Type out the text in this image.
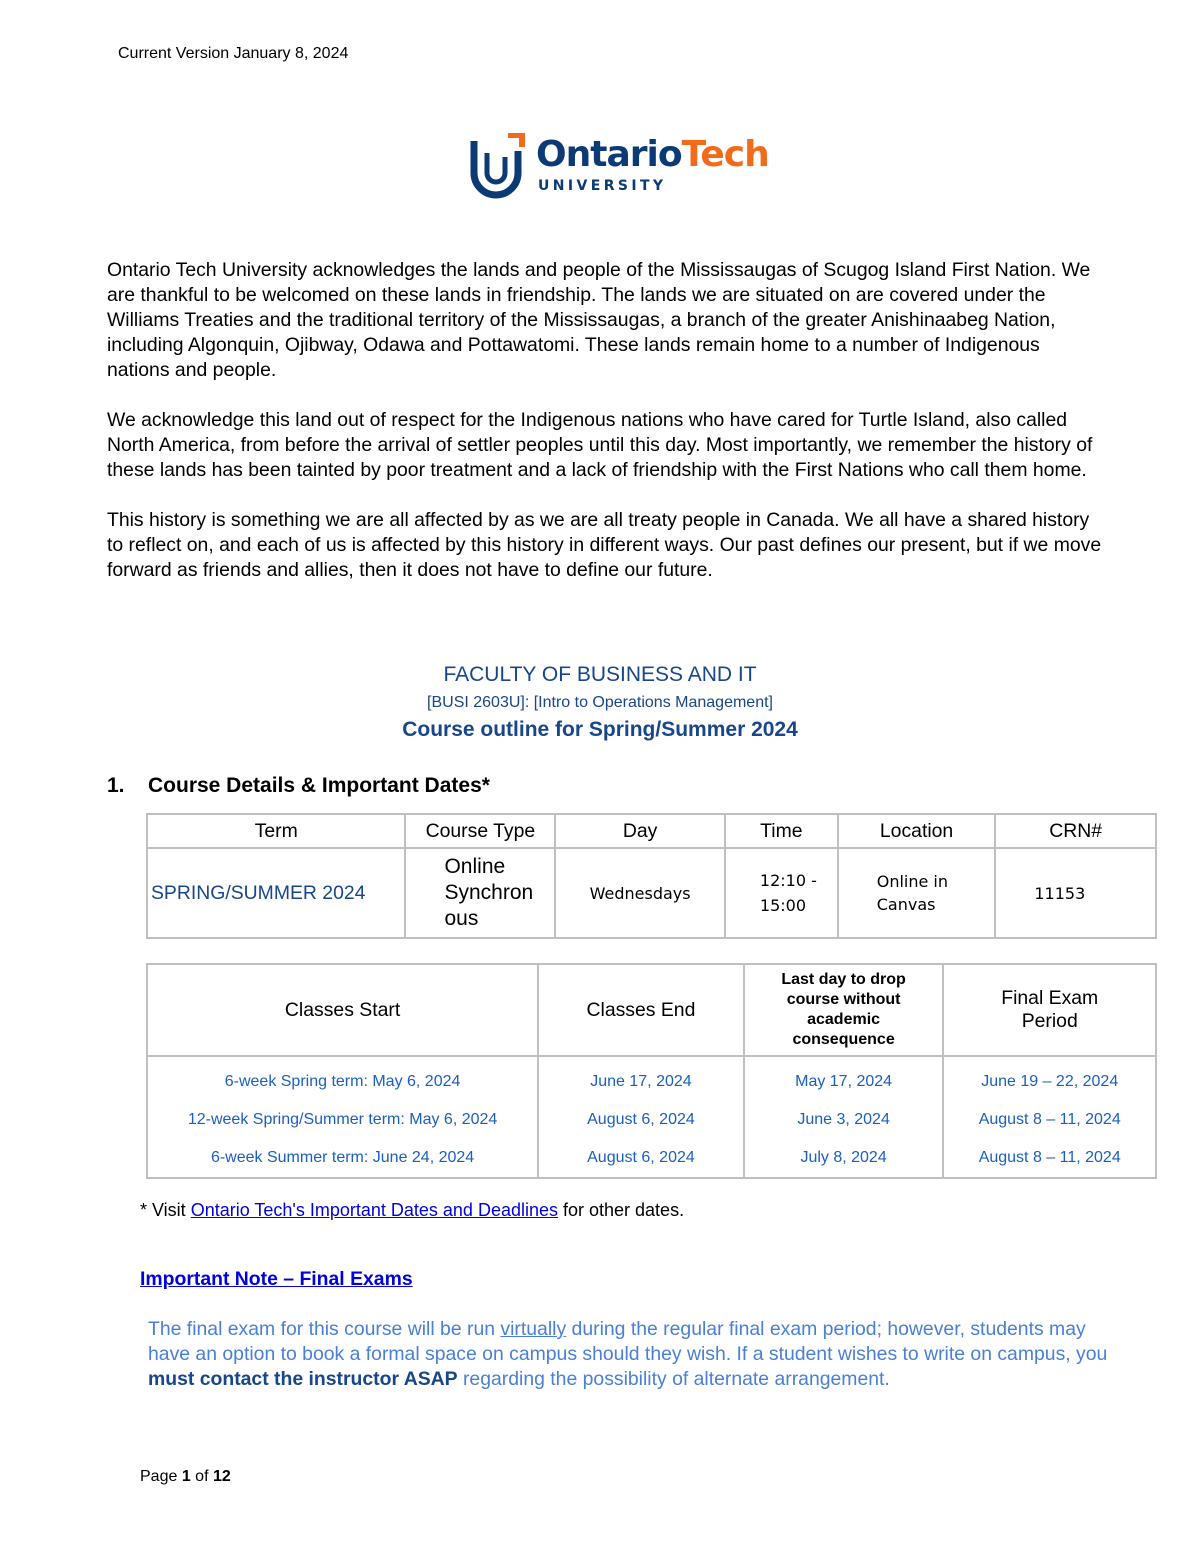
Current Version January 8, 2024
OntarioTech
UNIVERSITY

Ontario Tech University acknowledges the lands and people of the Mississaugas of Scugog Island First Nation. We are thankful to be welcomed on these lands in friendship. The lands we are situated on are covered under the Williams Treaties and the traditional territory of the Mississaugas, a branch of the greater Anishinaabeg Nation, including Algonquin, Ojibway, Odawa and Pottawatomi. These lands remain home to a number of Indigenous nations and people.

We acknowledge this land out of respect for the Indigenous nations who have cared for Turtle Island, also called North America, from before the arrival of settler peoples until this day. Most importantly, we remember the history of these lands has been tainted by poor treatment and a lack of friendship with the First Nations who call them home.

This history is something we are all affected by as we are all treaty people in Canada. We all have a shared history to reflect on, and each of us is affected by this history in different ways. Our past defines our present, but if we move forward as friends and allies, then it does not have to define our future.

FACULTY OF BUSINESS AND IT
[BUSI 2603U]: [Intro to Operations Management]
Course outline for Spring/Summer 2024
1. Course Details & Important Dates*
Term	Course Type	Day	Time	Location	CRN#
SPRING/SUMMER 2024	Online
Synchron
ous	Wednesdays	12:10 -
15:00	Online in
Canvas	11153
Classes Start	Classes End	Last day to drop
course without
academic
consequence	Final Exam
Period
6-week Spring term: May 6, 2024	June 17, 2024	May 17, 2024	June 19 – 22, 2024
12-week Spring/Summer term: May 6, 2024	August 6, 2024	June 3, 2024	August 8 – 11, 2024
6-week Summer term: June 24, 2024	August 6, 2024	July 8, 2024	August 8 – 11, 2024
* Visit Ontario Tech's Important Dates and Deadlines for other dates.
Important Note – Final Exams
The final exam for this course will be run virtually during the regular final exam period; however, students may have an option to book a formal space on campus should they wish. If a student wishes to write on campus, you must contact the instructor ASAP regarding the possibility of alternate arrangement.
Page 1 of 12
